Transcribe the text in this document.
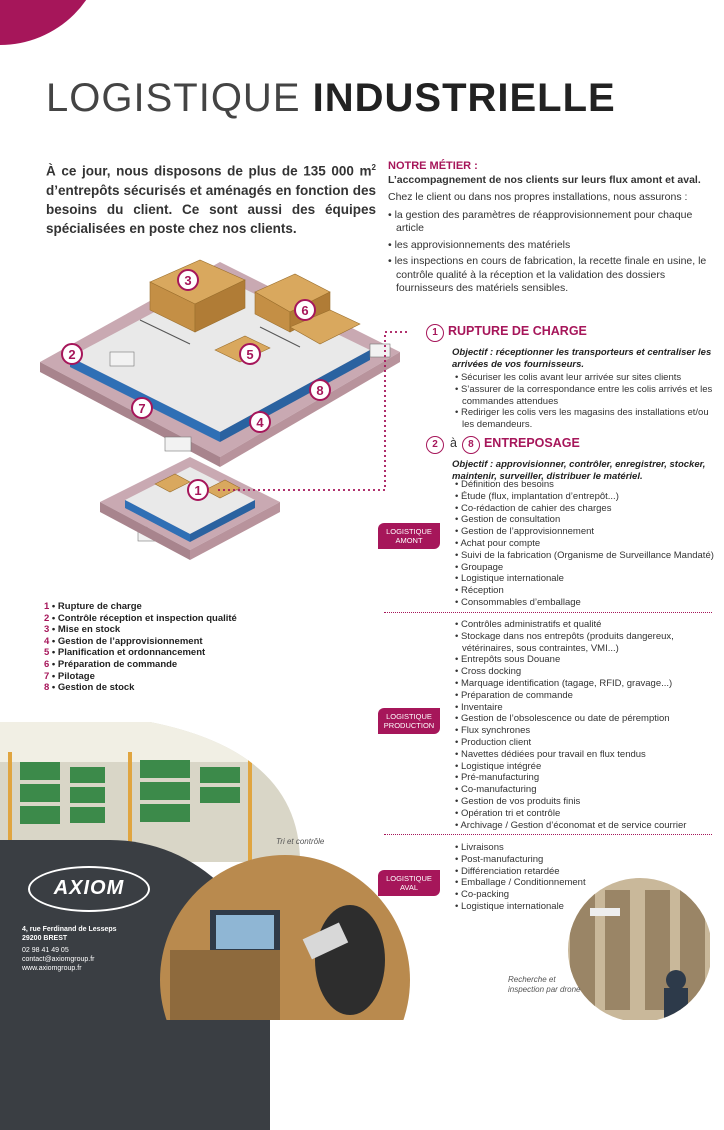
LOGISTIQUE INDUSTRIELLE
À ce jour, nous disposons de plus de 135 000 $m^2$ d’entrepôts sécurisés et aménagés en fonction des besoins du client. Ce sont aussi des équipes spécialisées en poste chez nos clients.
NOTRE MÉTIER :
L’accompagnement de nos clients sur leurs flux amont et aval.
Chez le client ou dans nos propres installations, nous assurons :
• la gestion des paramètres de réapprovisionnement pour chaque article
• les approvisionnements des matériels
• les inspections en cours de fabrication, la recette finale en usine, le contrôle qualité à la réception et la validation des dossiers fournisseurs des matériels sensibles.
1
2
3
4
5
6
7
8
1 RUPTURE DE CHARGE
Objectif : réceptionner les transporteurs et centraliser les arrivées de vos fournisseurs.
• Sécuriser les colis avant leur arrivée sur sites clients
• S’assurer de la correspondance entre les colis arrivés et les commandes attendues
• Rediriger les colis vers les magasins des installations et/ou les demandeurs.
2 à 8 ENTREPOSAGE
Objectif : approvisionner, contrôler, enregistrer, stocker, maintenir, surveiller, distribuer le matériel.
LOGISTIQUE
AMONT
• Définition des besoins
• Étude (flux, implantation d’entrepôt...)
• Co-rédaction de cahier des charges
• Gestion de consultation
• Gestion de l’approvisionnement
• Achat pour compte
• Suivi de la fabrication (Organisme de Surveillance Mandaté)
• Groupage
• Logistique internationale
• Réception
• Consommables d’emballage
LOGISTIQUE
PRODUCTION
• Contrôles administratifs et qualité
• Stockage dans nos entrepôts (produits dangereux, vétérinaires, sous contraintes, VMI...)
• Entrepôts sous Douane
• Cross docking
• Marquage identification (tagage, RFID, gravage...)
• Préparation de commande
• Inventaire
• Gestion de l’obsolescence ou date de péremption
• Flux synchrones
• Production client
• Navettes dédiées pour travail en flux tendus
• Logistique intégrée
• Pré-manufacturing
• Co-manufacturing
• Gestion de vos produits finis
• Opération tri et contrôle
• Archivage / Gestion d’économat et de service courrier
LOGISTIQUE
AVAL
• Livraisons
• Post-manufacturing
• Différenciation retardée
• Emballage / Conditionnement
• Co-packing
• Logistique internationale
1 • Rupture de charge
2 • Contrôle réception et inspection qualité
3 • Mise en stock
4 • Gestion de l’approvisionnement
5 • Planification et ordonnancement
6 • Préparation de commande
7 • Pilotage
8 • Gestion de stock
Tri et contrôle
Recherche et
inspection par drone
AXIOM
4, rue Ferdinand de Lesseps
29200 BREST
02 98 41 49 05
contact@axiomgroup.fr
www.axiomgroup.fr
